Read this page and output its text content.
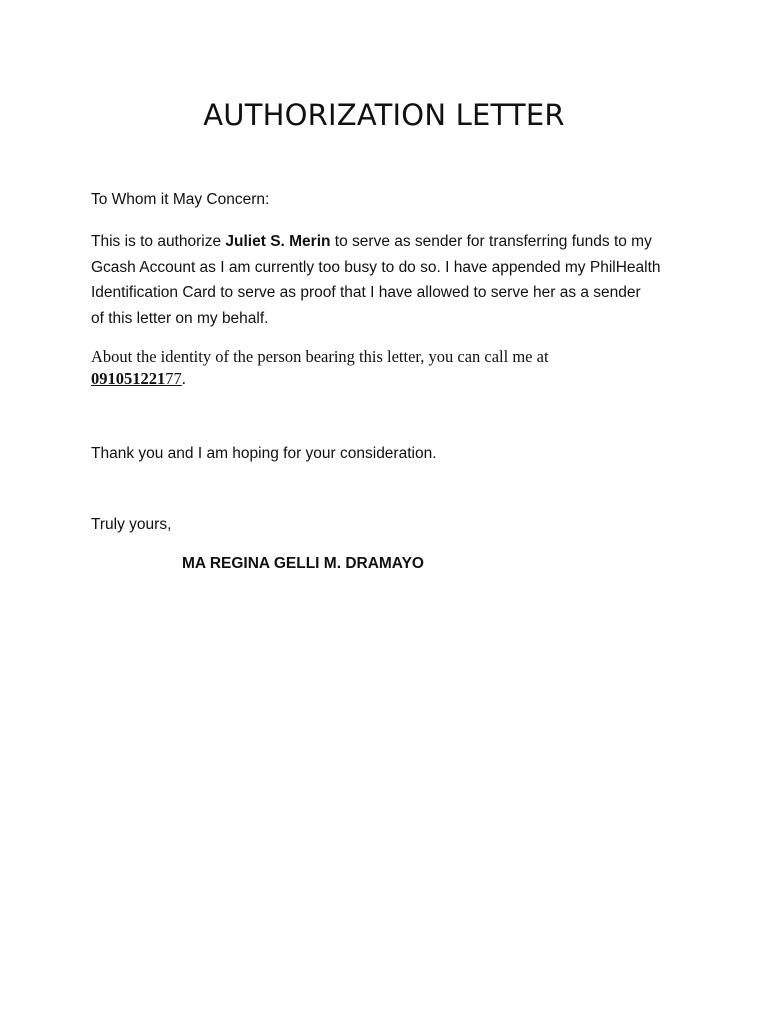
AUTHORIZATION LETTER
To Whom it May Concern:
This is to authorize Juliet S. Merin to serve as sender for transferring funds to my
Gcash Account as I am currently too busy to do so. I have appended my PhilHealth
Identification Card to serve as proof that I have allowed to serve her as a sender
of this letter on my behalf.
About the identity of the person bearing this letter, you can call me at
09105122177.
Thank you and I am hoping for your consideration.
Truly yours,
MA REGINA GELLI M. DRAMAYO
